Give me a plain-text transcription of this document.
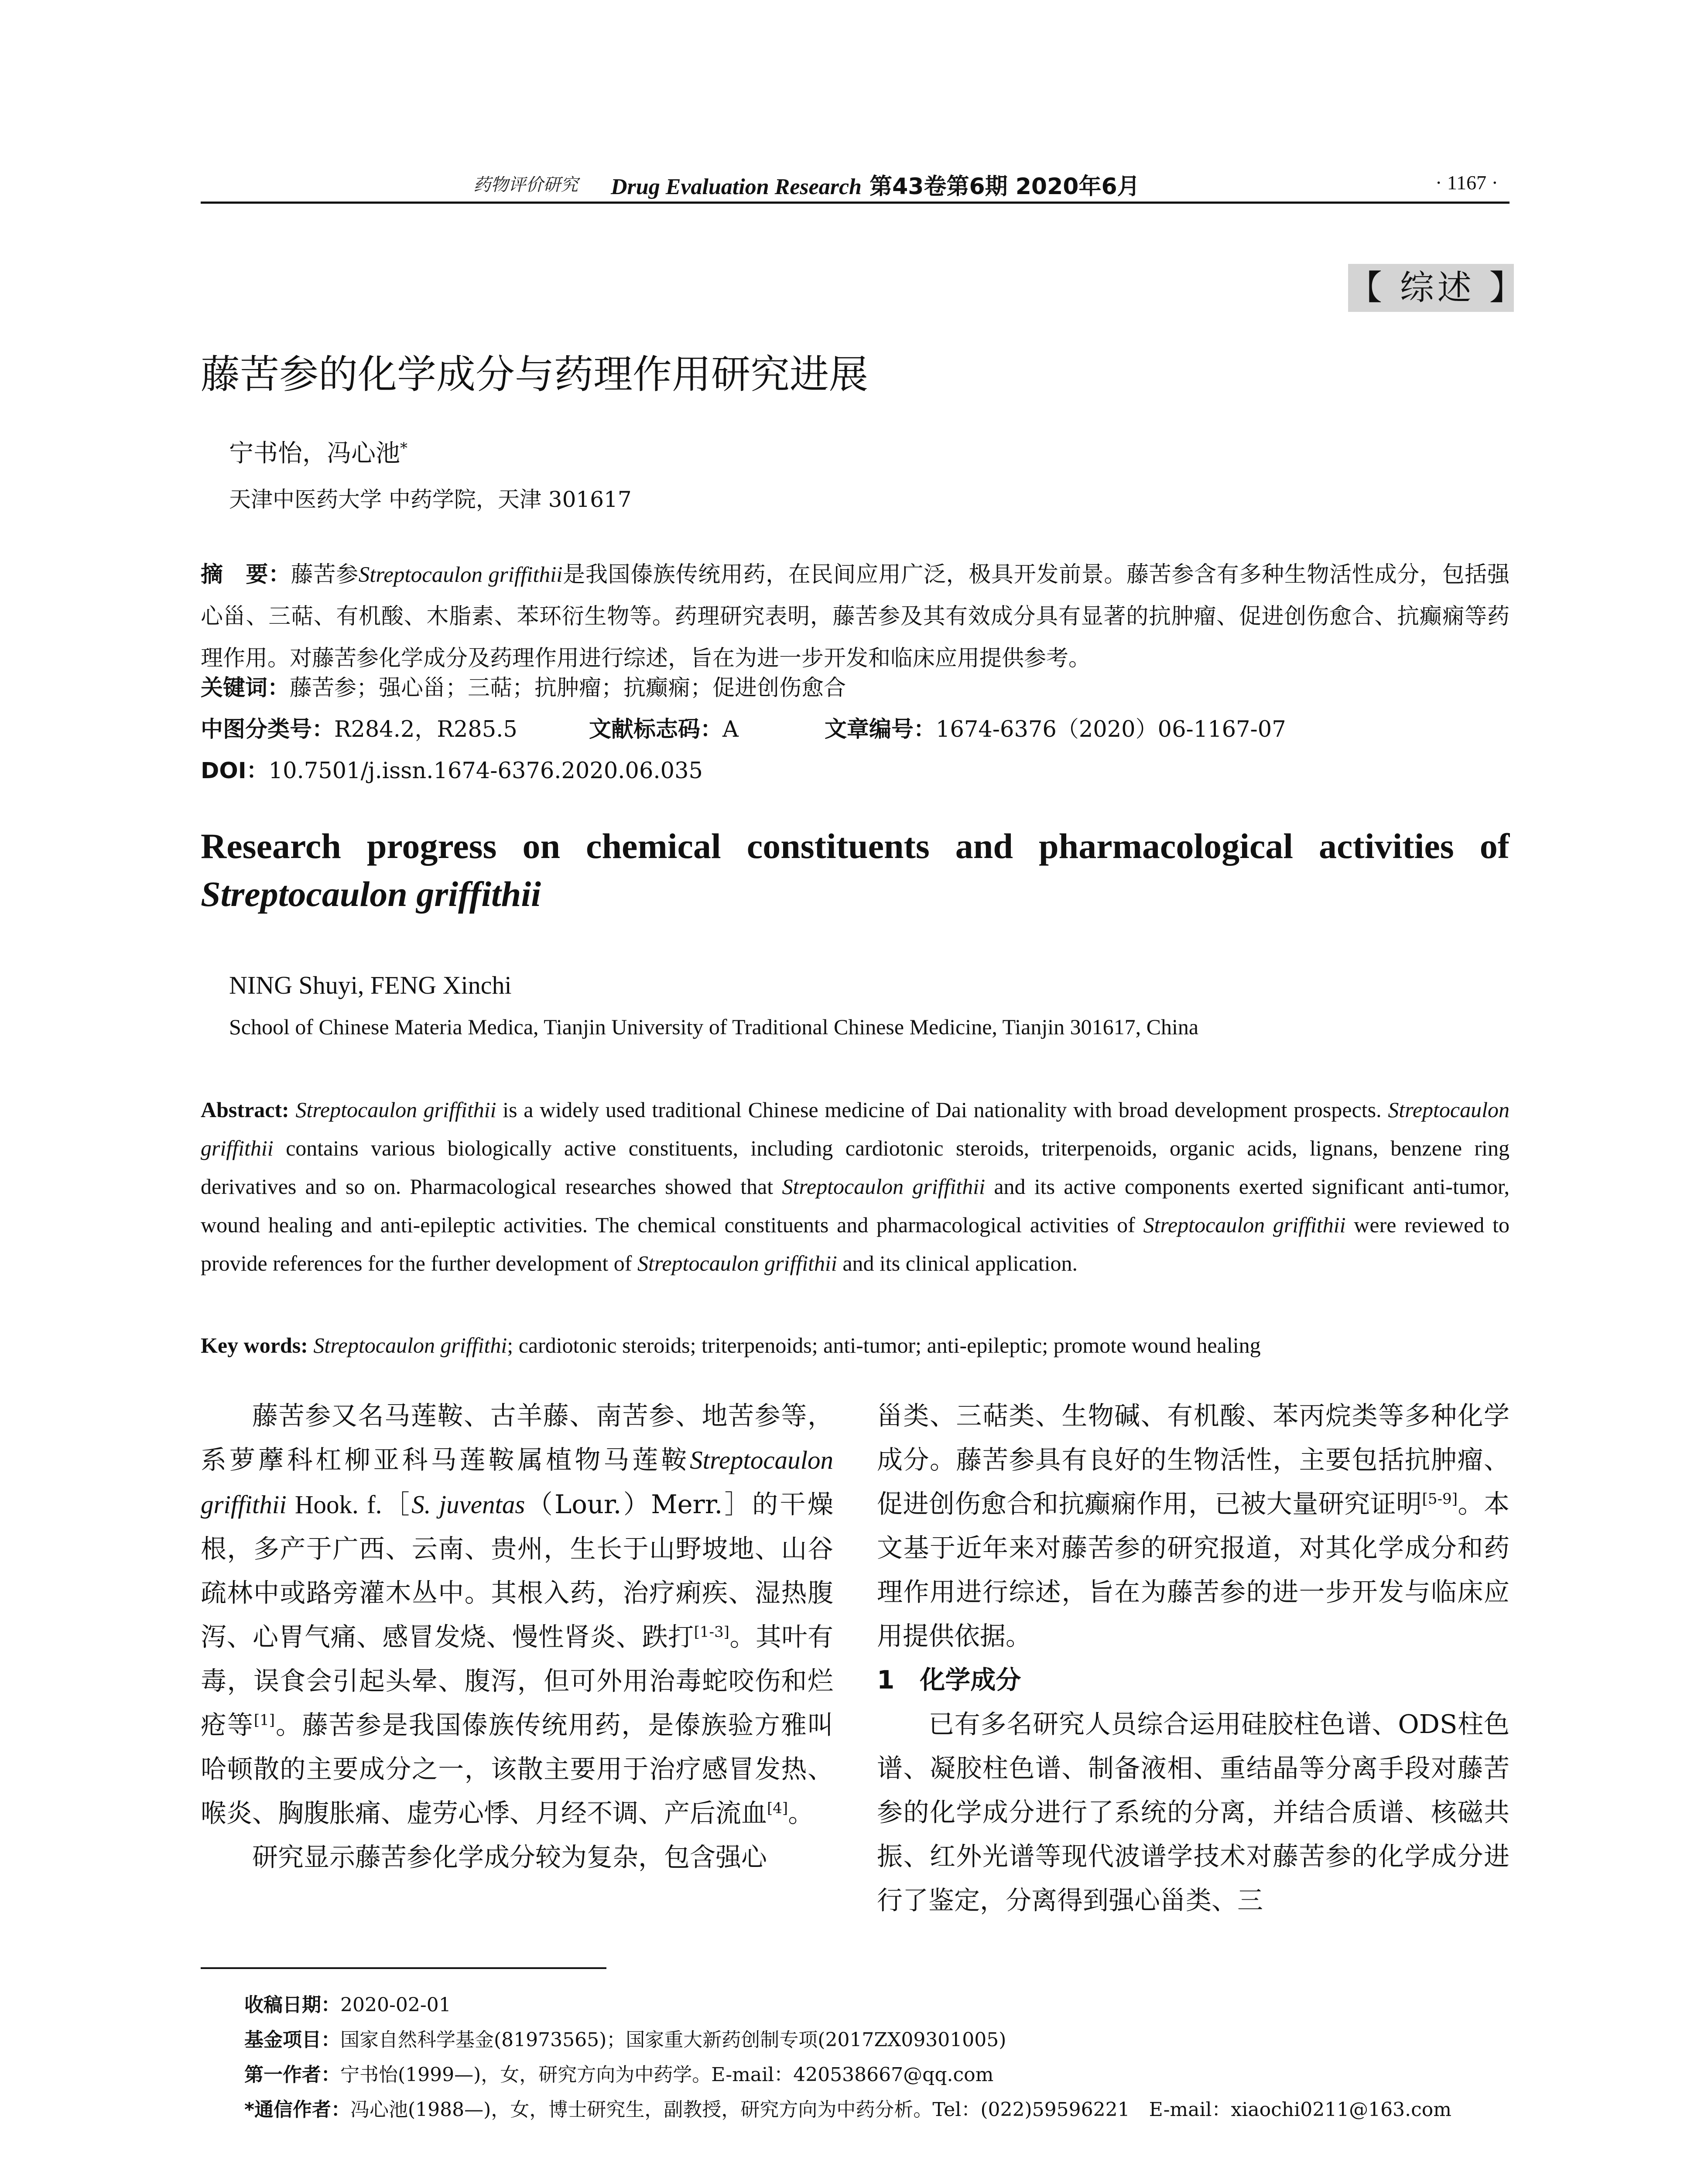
药物评价研究 Drug Evaluation Research 第43卷第6期 2020年6月	· 1167 ·
【 综述 】
藤苦参的化学成分与药理作用研究进展
宁书怡，冯心池*
天津中医药大学 中药学院，天津 301617
摘　要：藤苦参Streptocaulon griffithii是我国傣族传统用药，在民间应用广泛，极具开发前景。藤苦参含有多种生物活性成分，包括强心甾、三萜、有机酸、木脂素、苯环衍生物等。药理研究表明，藤苦参及其有效成分具有显著的抗肿瘤、促进创伤愈合、抗癫痫等药理作用。对藤苦参化学成分及药理作用进行综述，旨在为进一步开发和临床应用提供参考。
关键词：藤苦参；强心甾；三萜；抗肿瘤；抗癫痫；促进创伤愈合
中图分类号：R284.2，R285.5	文献标志码：A	文章编号：1674-6376（2020）06-1167-07
DOI：10.7501/j.issn.1674-6376.2020.06.035
Research progress on chemical constituents and pharmacological activities of
Streptocaulon griffithii
NING Shuyi, FENG Xinchi
School of Chinese Materia Medica, Tianjin University of Traditional Chinese Medicine, Tianjin 301617, China
Abstract: Streptocaulon griffithii is a widely used traditional Chinese medicine of Dai nationality with broad development prospects. Streptocaulon griffithii contains various biologically active constituents, including cardiotonic steroids, triterpenoids, organic acids, lignans, benzene ring derivatives and so on. Pharmacological researches showed that Streptocaulon griffithii and its active components exerted significant anti-tumor, wound healing and anti-epileptic activities. The chemical constituents and pharmacological activities of Streptocaulon griffithii were reviewed to provide references for the further development of Streptocaulon griffithii and its clinical application.
Key words: Streptocaulon griffithi; cardiotonic steroids; triterpenoids; anti-tumor; anti-epileptic; promote wound healing

藤苦参又名马莲鞍、古羊藤、南苦参、地苦参等，系萝藦科杠柳亚科马莲鞍属植物马莲鞍Streptocaulon griffithii Hook. f.［S. juventas（Lour.）Merr.］的干燥根，多产于广西、云南、贵州，生长于山野坡地、山谷疏林中或路旁灌木丛中。其根入药，治疗痢疾、湿热腹泻、心胃气痛、感冒发烧、慢性肾炎、跌打[1-3]。其叶有毒，误食会引起头晕、腹泻，但可外用治毒蛇咬伤和烂疮等[1]。藤苦参是我国傣族传统用药，是傣族验方雅叫哈顿散的主要成分之一，该散主要用于治疗感冒发热、喉炎、胸腹胀痛、虚劳心悸、月经不调、产后流血[4]。

研究显示藤苦参化学成分较为复杂，包含强心

甾类、三萜类、生物碱、有机酸、苯丙烷类等多种化学成分。藤苦参具有良好的生物活性，主要包括抗肿瘤、促进创伤愈合和抗癫痫作用，已被大量研究证明[5-9]。本文基于近年来对藤苦参的研究报道，对其化学成分和药理作用进行综述，旨在为藤苦参的进一步开发与临床应用提供依据。

1　化学成分

已有多名研究人员综合运用硅胶柱色谱、ODS柱色谱、凝胶柱色谱、制备液相、重结晶等分离手段对藤苦参的化学成分进行了系统的分离，并结合质谱、核磁共振、红外光谱等现代波谱学技术对藤苦参的化学成分进行了鉴定，分离得到强心甾类、三

收稿日期：2020-02-01
基金项目：国家自然科学基金(81973565)；国家重大新药创制专项(2017ZX09301005)
第一作者：宁书怡(1999—)，女，研究方向为中药学。E-mail：420538667@qq.com
*通信作者：冯心池(1988—)，女，博士研究生，副教授，研究方向为中药分析。Tel：(022)59596221　E-mail：xiaochi0211@163.com
